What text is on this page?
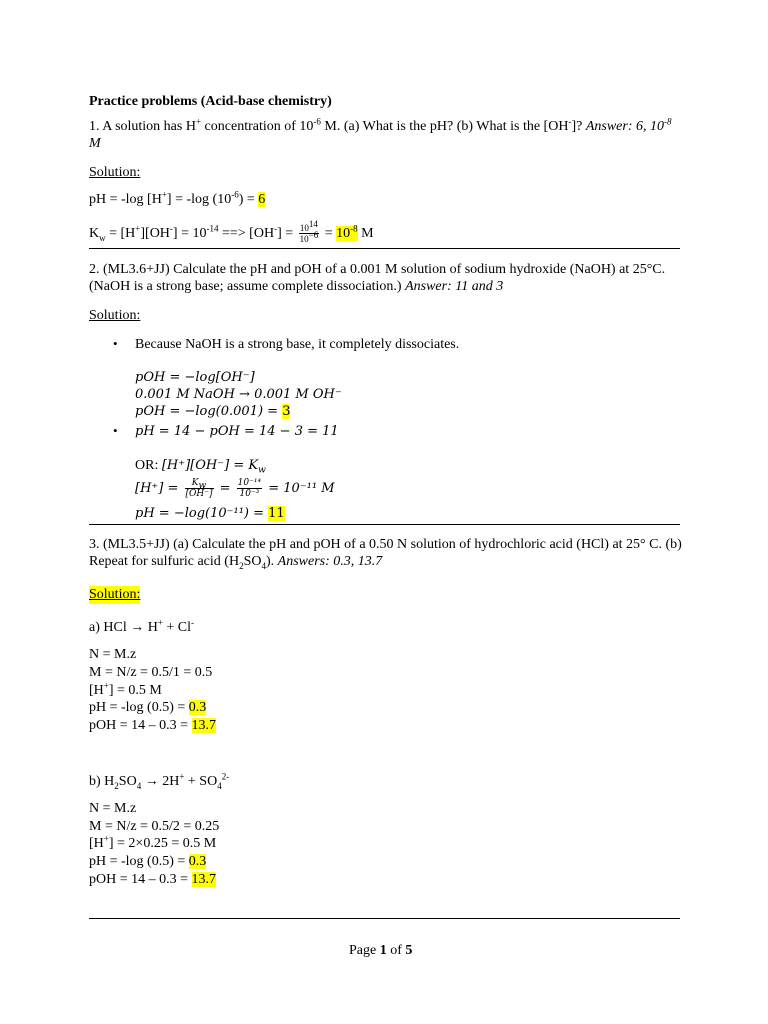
Practice problems (Acid-base chemistry)
1. A solution has H+ concentration of $10^{-6}$ M. (a) What is the pH? (b) What is the [OH-]? Answer: 6, $10^{-8}$
M
Solution:
pH = -log [H+] = -log $(10^{-6}) = 6$
$K_w = [H^+][OH^-] = 10^{-14}$ ==> $[OH^-] = \frac{10^{14}}{10^{-6}} = 10^{-8}$ M
2. (ML3.6+JJ) Calculate the pH and pOH of a 0.001 M solution of sodium hydroxide (NaOH) at 25°C.
(NaOH is a strong base; assume complete dissociation.) Answer: 11 and 3
Solution:
• Because NaOH is a strong base, it completely dissociates.
pOH = −log[OH⁻]
0.001 M NaOH → 0.001 M OH⁻
pOH = −log(0.001) = 3
• pH = 14 − pOH = 14 − 3 = 11
OR: $[H^+][OH^-] = K_w$
$[H^+] = \frac{K_w}{[OH^-]} = \frac{\text{10⁻¹⁴}}{\text{10⁻³}} = 10^{-11}$ M
pH = −log(10⁻¹¹) = 11
3. (ML3.5+JJ) (a) Calculate the pH and pOH of a 0.50 N solution of hydrochloric acid (HCl) at 25° C. (b)
Repeat for sulfuric acid $(H_2SO_4)$. Answers: 0.3, 13.7
Solution:
a) HCl → H+ + Cl-
N = M.z
M = N/z = 0.5/1 = 0.5
[H+] = 0.5 M
pH = -log (0.5) = 0.3
pOH = 14 – 0.3 = 13.7
b) $H_2SO_4 \to 2H^+ + SO_4^{2-}$
N = M.z
M = N/z = 0.5/2 = 0.25
[H+] = 2×0.25 = 0.5 M
pH = -log (0.5) = 0.3
pOH = 14 – 0.3 = 13.7
Page 1 of 5
